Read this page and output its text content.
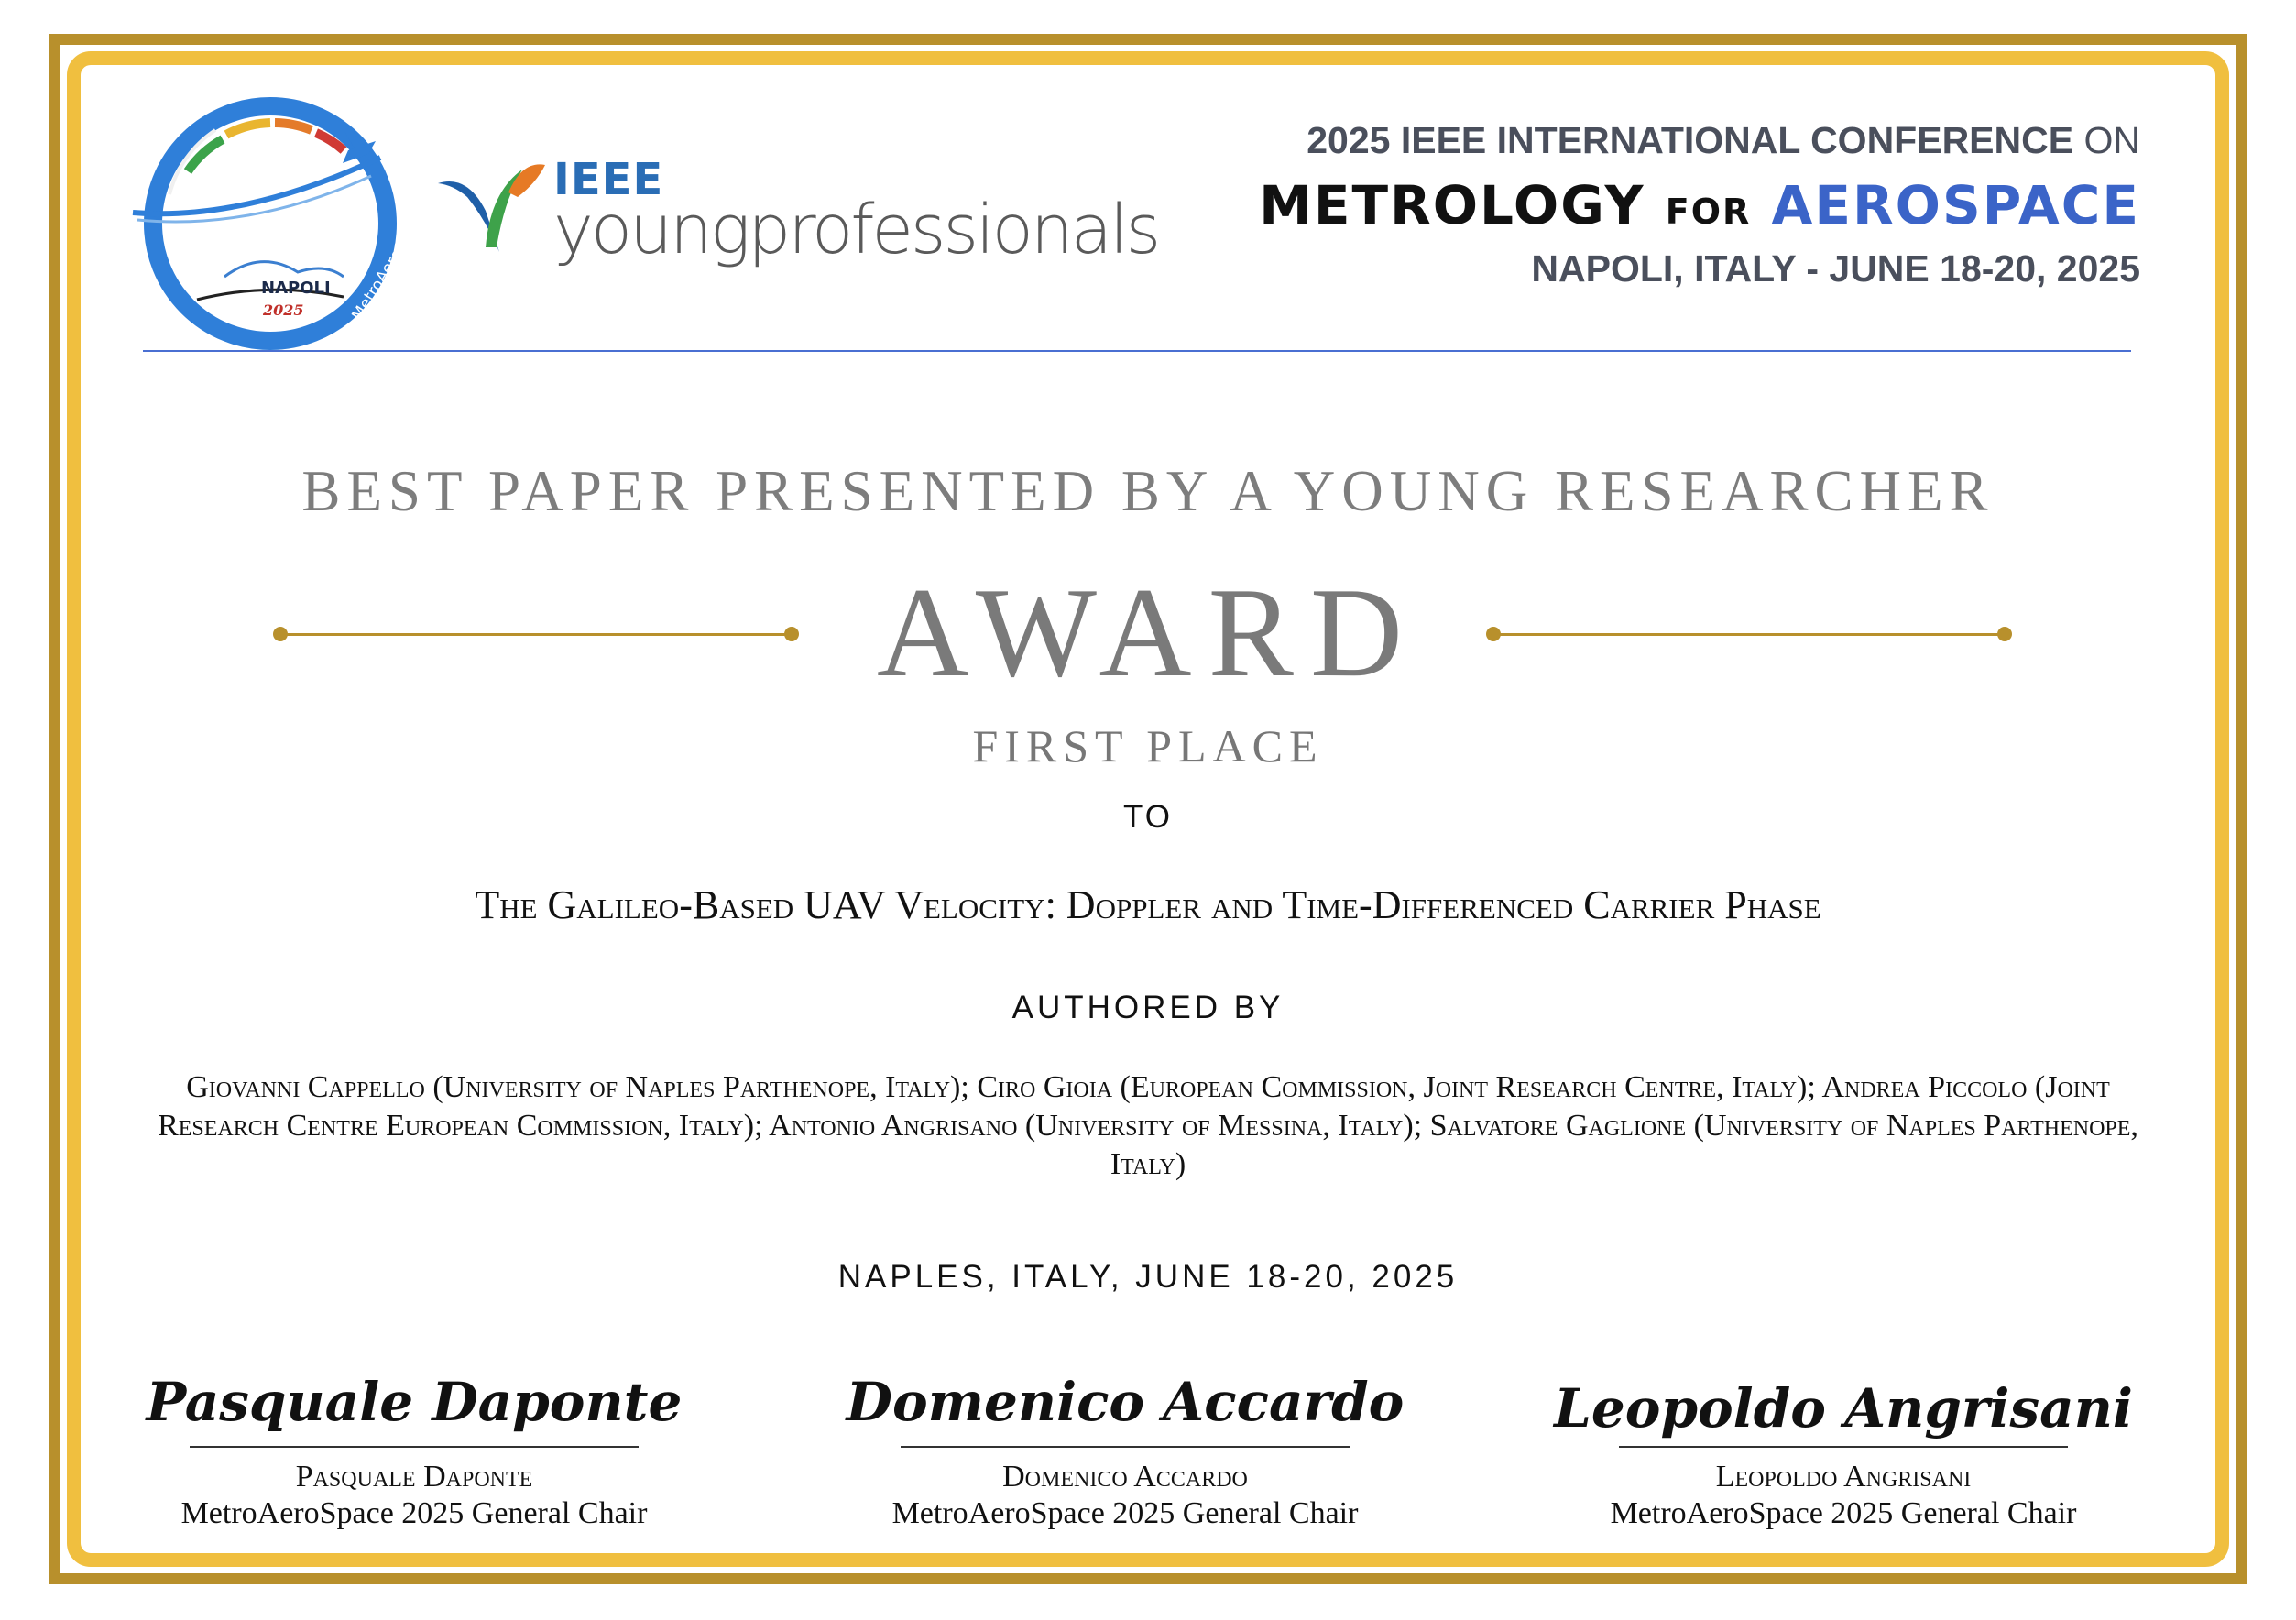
NAPOLI
2025	MetroAeroSpace
IEEE
youngprofessionals
2025 IEEE INTERNATIONAL CONFERENCE ON
METROLOGY FOR AEROSPACE
NAPOLI, ITALY - JUNE 18-20, 2025
BEST PAPER PRESENTED BY A YOUNG RESEARCHER
AWARD
FIRST PLACE
TO
The Galileo-Based UAV Velocity: Doppler and Time-Differenced Carrier Phase
AUTHORED BY
Giovanni Cappello (University of Naples Parthenope, Italy); Ciro Gioia (European Commission, Joint Research Centre, Italy); Andrea Piccolo (Joint Research Centre European Commission, Italy); Antonio Angrisano (University of Messina, Italy); Salvatore Gaglione (University of Naples Parthenope, Italy)
NAPLES, ITALY, JUNE 18-20, 2025
Pasquale Daponte
Pasquale Daponte
MetroAeroSpace 2025 General Chair
Domenico Accardo
Domenico Accardo
MetroAeroSpace 2025 General Chair
Leopoldo Angrisani
Leopoldo Angrisani
MetroAeroSpace 2025 General Chair
